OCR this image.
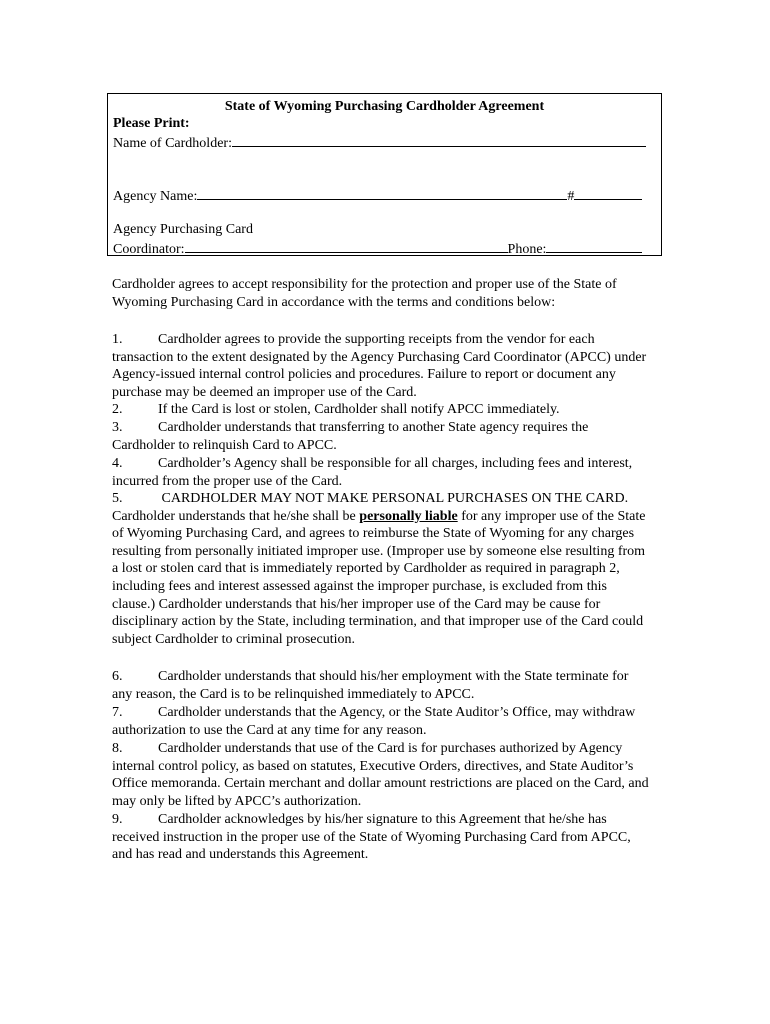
State of Wyoming Purchasing Cardholder Agreement
Please Print:
Name of Cardholder:
Agency Name:	#
Agency Purchasing Card
Coordinator:	Phone:
Cardholder agrees to accept responsibility for the protection and proper use of the State of Wyoming Purchasing Card in accordance with the terms and conditions below:
1.	Cardholder agrees to provide the supporting receipts from the vendor for each transaction to the extent designated by the Agency Purchasing Card Coordinator (APCC) under Agency-issued internal control policies and procedures. Failure to report or document any purchase may be deemed an improper use of the Card.
2.	If the Card is lost or stolen, Cardholder shall notify APCC immediately.
3.	Cardholder understands that transferring to another State agency requires the Cardholder to relinquish Card to APCC.
4.	Cardholder’s Agency shall be responsible for all charges, including fees and interest, incurred from the proper use of the Card.
5.	CARDHOLDER MAY NOT MAKE PERSONAL PURCHASES ON THE CARD. Cardholder understands that he/she shall be personally liable for any improper use of the State of Wyoming Purchasing Card, and agrees to reimburse the State of Wyoming for any charges resulting from personally initiated improper use. (Improper use by someone else resulting from a lost or stolen card that is immediately reported by Cardholder as required in paragraph 2, including fees and interest assessed against the improper purchase, is excluded from this clause.) Cardholder understands that his/her improper use of the Card may be cause for disciplinary action by the State, including termination, and that improper use of the Card could subject Cardholder to criminal prosecution.
6.	Cardholder understands that should his/her employment with the State terminate for any reason, the Card is to be relinquished immediately to APCC.
7.	Cardholder understands that the Agency, or the State Auditor’s Office, may withdraw authorization to use the Card at any time for any reason.
8.	Cardholder understands that use of the Card is for purchases authorized by Agency internal control policy, as based on statutes, Executive Orders, directives, and State Auditor’s Office memoranda. Certain merchant and dollar amount restrictions are placed on the Card, and may only be lifted by APCC’s authorization.
9.	Cardholder acknowledges by his/her signature to this Agreement that he/she has received instruction in the proper use of the State of Wyoming Purchasing Card from APCC, and has read and understands this Agreement.
